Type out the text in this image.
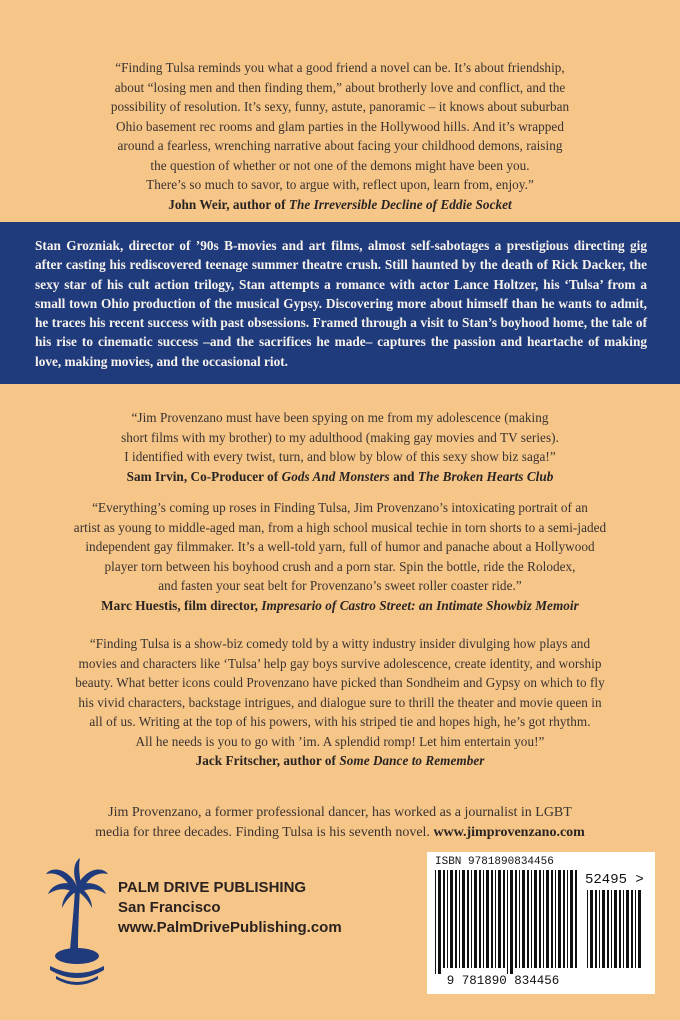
“Finding Tulsa reminds you what a good friend a novel can be. It’s about friendship,
about “losing men and then finding them,” about brotherly love and conflict, and the
possibility of resolution. It’s sexy, funny, astute, panoramic – it knows about suburban
Ohio basement rec rooms and glam parties in the Hollywood hills. And it’s wrapped
around a fearless, wrenching narrative about facing your childhood demons, raising
the question of whether or not one of the demons might have been you.
There’s so much to savor, to argue with, reflect upon, learn from, enjoy.”
John Weir, author of The Irreversible Decline of Eddie Socket
Stan Grozniak, director of ’90s B-movies and art films, almost self-sabotages a prestigious directing gig after casting his rediscovered teenage summer theatre crush. Still haunted by the death of Rick Dacker, the sexy star of his cult action trilogy, Stan attempts a romance with actor Lance Holtzer, his ‘Tulsa’ from a small town Ohio production of the musical Gypsy. Discovering more about himself than he wants to admit, he traces his recent success with past obsessions. Framed through a visit to Stan’s boyhood home, the tale of his rise to cinematic success –and the sacrifices he made– captures the passion and heartache of making love, making movies, and the occasional riot.
“Jim Provenzano must have been spying on me from my adolescence (making
short films with my brother) to my adulthood (making gay movies and TV series).
I identified with every twist, turn, and blow by blow of this sexy show biz saga!”
Sam Irvin, Co-Producer of Gods And Monsters and The Broken Hearts Club
“Everything’s coming up roses in Finding Tulsa, Jim Provenzano’s intoxicating portrait of an
artist as young to middle-aged man, from a high school musical techie in torn shorts to a semi-jaded
independent gay filmmaker. It’s a well-told yarn, full of humor and panache about a Hollywood
player torn between his boyhood crush and a porn star. Spin the bottle, ride the Rolodex,
and fasten your seat belt for Provenzano’s sweet roller coaster ride.”
Marc Huestis, film director, Impresario of Castro Street: an Intimate Showbiz Memoir
“Finding Tulsa is a show-biz comedy told by a witty industry insider divulging how plays and
movies and characters like ‘Tulsa’ help gay boys survive adolescence, create identity, and worship
beauty. What better icons could Provenzano have picked than Sondheim and Gypsy on which to fly
his vivid characters, backstage intrigues, and dialogue sure to thrill the theater and movie queen in
all of us. Writing at the top of his powers, with his striped tie and hopes high, he’s got rhythm.
All he needs is you to go with ’im. A splendid romp! Let him entertain you!”
Jack Fritscher, author of Some Dance to Remember
Jim Provenzano, a former professional dancer, has worked as a journalist in LGBT
media for three decades. Finding Tulsa is his seventh novel. www.jimprovenzano.com
PALM DRIVE PUBLISHING
San Francisco
www.PalmDrivePublishing.com
ISBN 9781890834456
52495 >
9 781890 834456
